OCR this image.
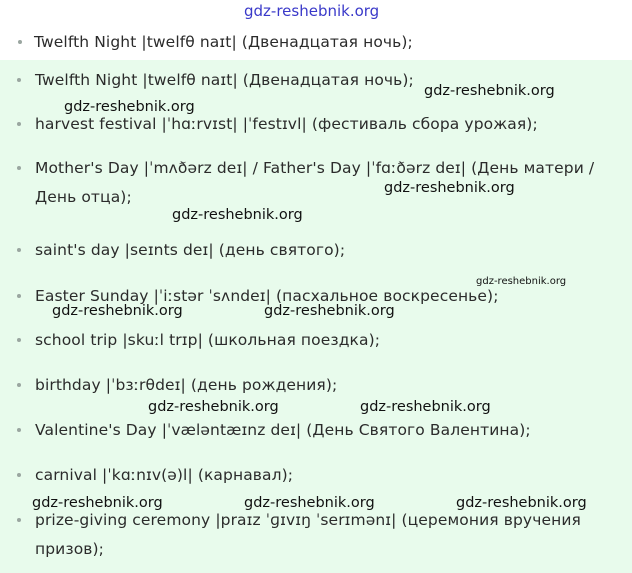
gdz-reshebnik.org
Twelfth Night |twelfθ naɪt| (Двенадцатая ночь);
Twelfth Night |twelfθ naɪt| (Двенадцатая ночь);
harvest festival |ˈhɑːrvɪst| |ˈfestɪvl| (фестиваль сбора урожая);
Mother's Day |ˈmʌðərz deɪ| / Father's Day |ˈfɑːðərz deɪ| (День матери / День отца);
saint's day |seɪnts deɪ| (день святого);
Easter Sunday |ˈiːstər ˈsʌndeɪ| (пасхальное воскресенье);
school trip |skuːl trɪp| (школьная поездка);
birthday |ˈbɜːrθdeɪ| (день рождения);
Valentine's Day |ˈvæləntæɪnz deɪ| (День Святого Валентина);
carnival |ˈkɑːnɪv(ə)l| (карнавал);
prize-giving ceremony |praɪz ˈɡɪvɪŋ ˈserɪmənɪ| (церемония вручения призов);
gdz-reshebnik.org
gdz-reshebnik.org
gdz-reshebnik.org
gdz-reshebnik.org
gdz-reshebnik.org
gdz-reshebnik.org	gdz-reshebnik.org
gdz-reshebnik.org	gdz-reshebnik.org
gdz-reshebnik.org	gdz-reshebnik.org	gdz-reshebnik.org
